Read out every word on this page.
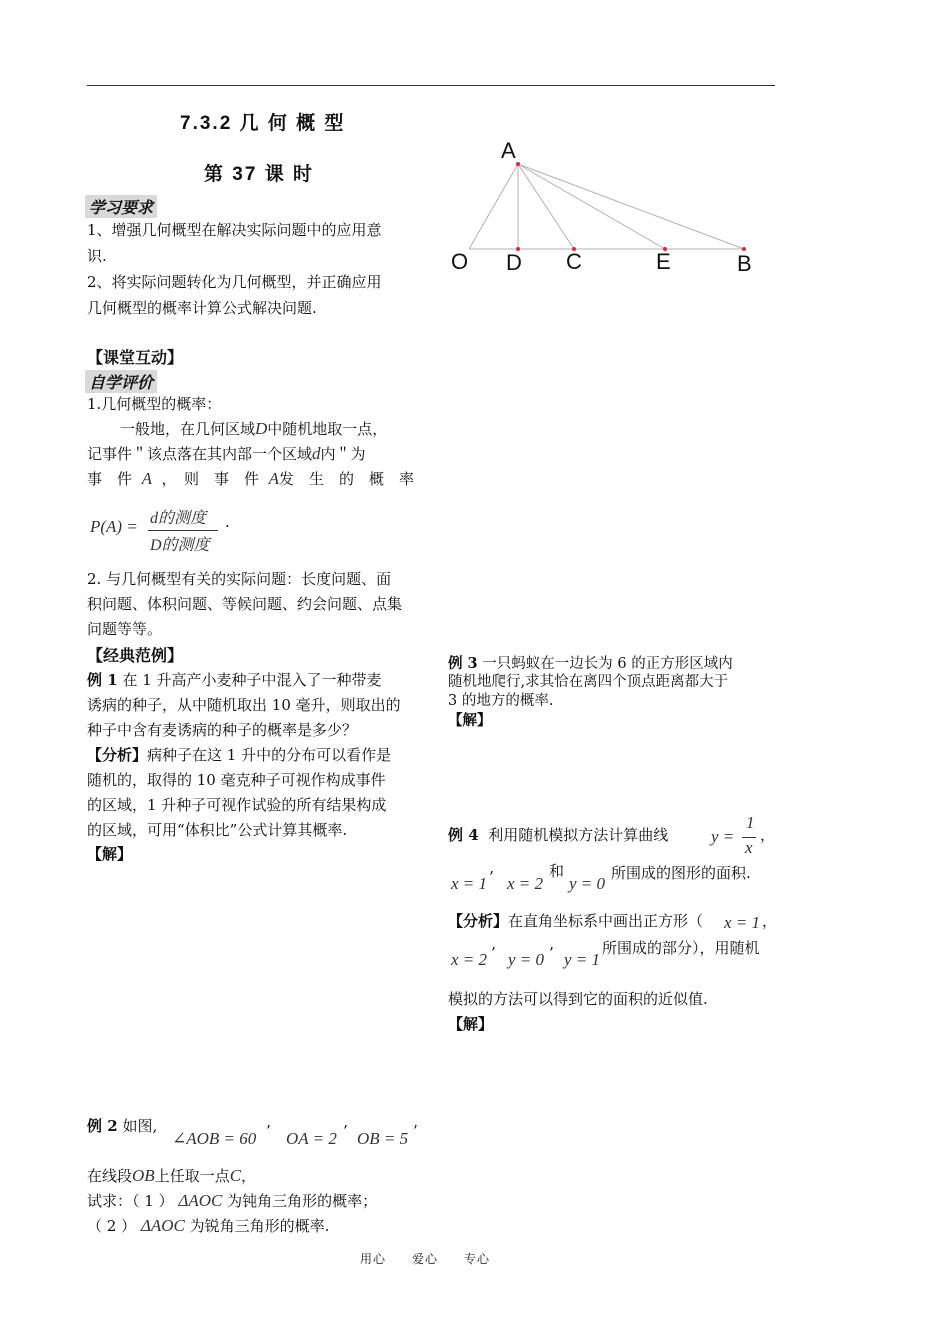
7.3.2 几 何 概 型
第 37 课 时
A
O D C	E	B
学习要求
1、增强几何概型在解决实际问题中的应用意
识.
2、将实际问题转化为几何概型，并正确应用
几何概型的概率计算公式解决问题.
【课堂互动】
自学评价
1.几何概型的概率：
一般地，在几何区域D中随机地取一点，
记事件＂该点落在其内部一个区域d内＂为
事　件 A ，　则　事　件 A发　生　的　概　率
P(A) = d的测度
D的测度
.
2. 与几何概型有关的实际问题：长度问题、面
积问题、体积问题、等候问题、约会问题、点集
问题等等。
【经典范例】
例 1 在 1 升高产小麦种子中混入了一种带麦
诱病的种子，从中随机取出 10 毫升，则取出的
种子中含有麦诱病的种子的概率是多少？
【分析】病种子在这 1 升中的分布可以看作是
随机的，取得的 10 毫克种子可视作构成事件
的区域，1 升种子可视作试验的所有结果构成
的区域，可用“体积比”公式计算其概率.
【解】
例 2 如图,
∠AOB = 60 ’ OA = 2 ’ OB = 5 ’
在线段OB上任取一点C，
试求：（ 1 ） ΔAOC 为钝角三角形的概率；
（ 2 ） ΔAOC 为锐角三角形的概率.
例 3 一只蚂蚁在一边长为 6 的正方形区域内
随机地爬行,求其恰在离四个顶点距离都大于
3 的地方的概率.
【解】
例 4 利用随机模拟方法计算曲线	y =
1
x
，
x = 1 ’ x = 2
和
y = 0
所围成的图形的面积.
【分析】在直角坐标系中画出正方形（ x = 1 ，
x = 2 ’ y = 0 ’ y = 1
所围成的部分），用随机
模拟的方法可以得到它的面积的近似值.
【解】
用心　　爱心　　专心
